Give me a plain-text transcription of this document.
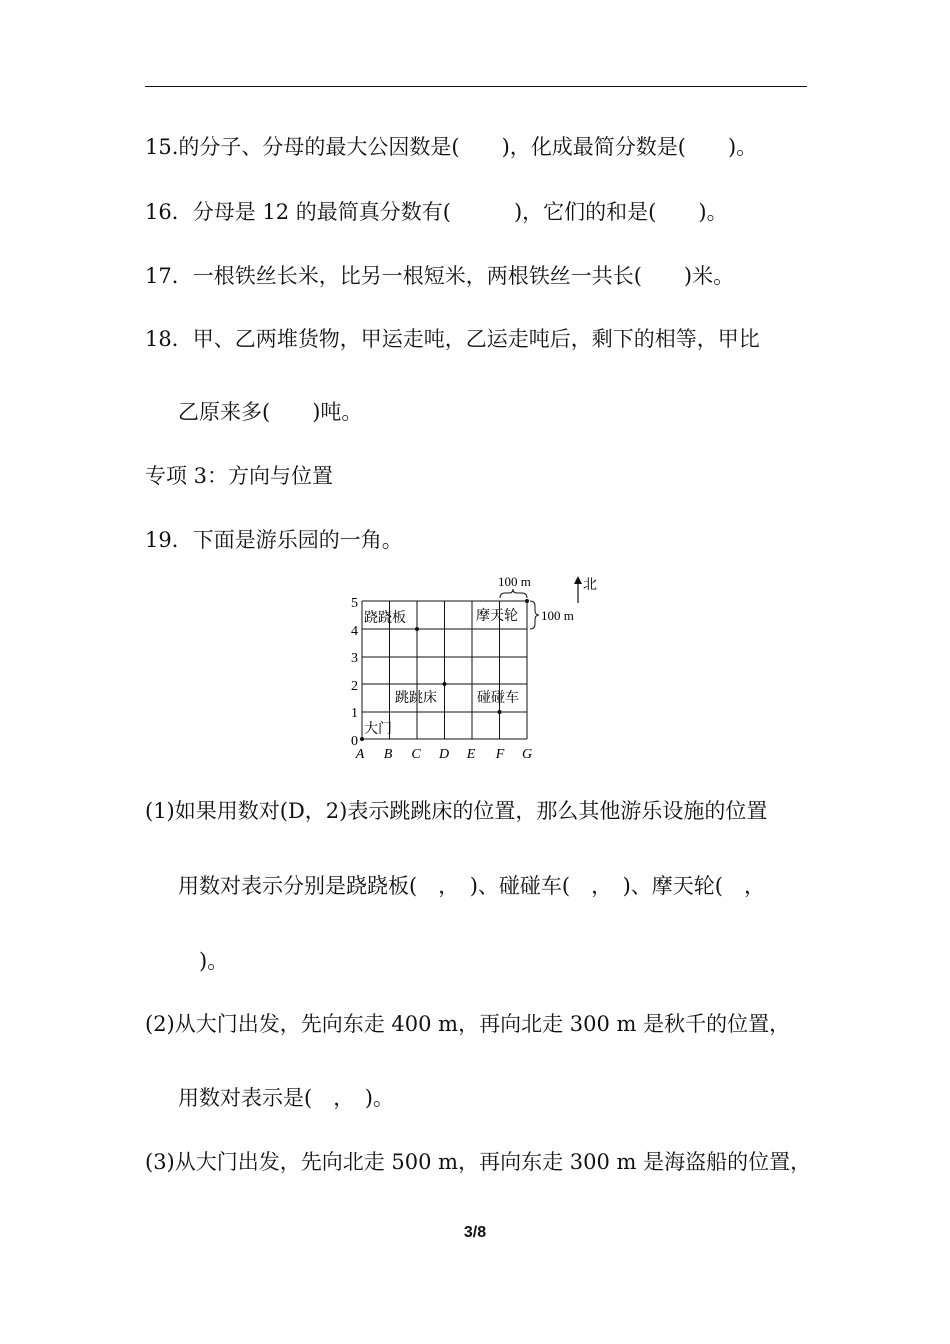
15.的分子、分母的最大公因数是(　　)，化成最简分数是(　　)。
16．分母是 12 的最简真分数有(　　　)，它们的和是(　　)。
17．一根铁丝长米，比另一根短米，两根铁丝一共长(　　)米。
18．甲、乙两堆货物，甲运走吨，乙运走吨后，剩下的相等，甲比
乙原来多(　　)吨。
专项 3：方向与位置
19．下面是游乐园的一角。
0
1
2
3
4
5
A B C D E F G
跷跷板	摩天轮
跳跳床	碰碰车
大门
100 m
100 m
北
(1)如果用数对(D，2)表示跳跳床的位置，那么其他游乐设施的位置
用数对表示分别是跷跷板(　，　)、碰碰车(　，　)、摩天轮(　，
　)。
(2)从大门出发，先向东走 400 m，再向北走 300 m 是秋千的位置，
用数对表示是(　，　)。
(3)从大门出发，先向北走 500 m，再向东走 300 m 是海盗船的位置，
3/8
